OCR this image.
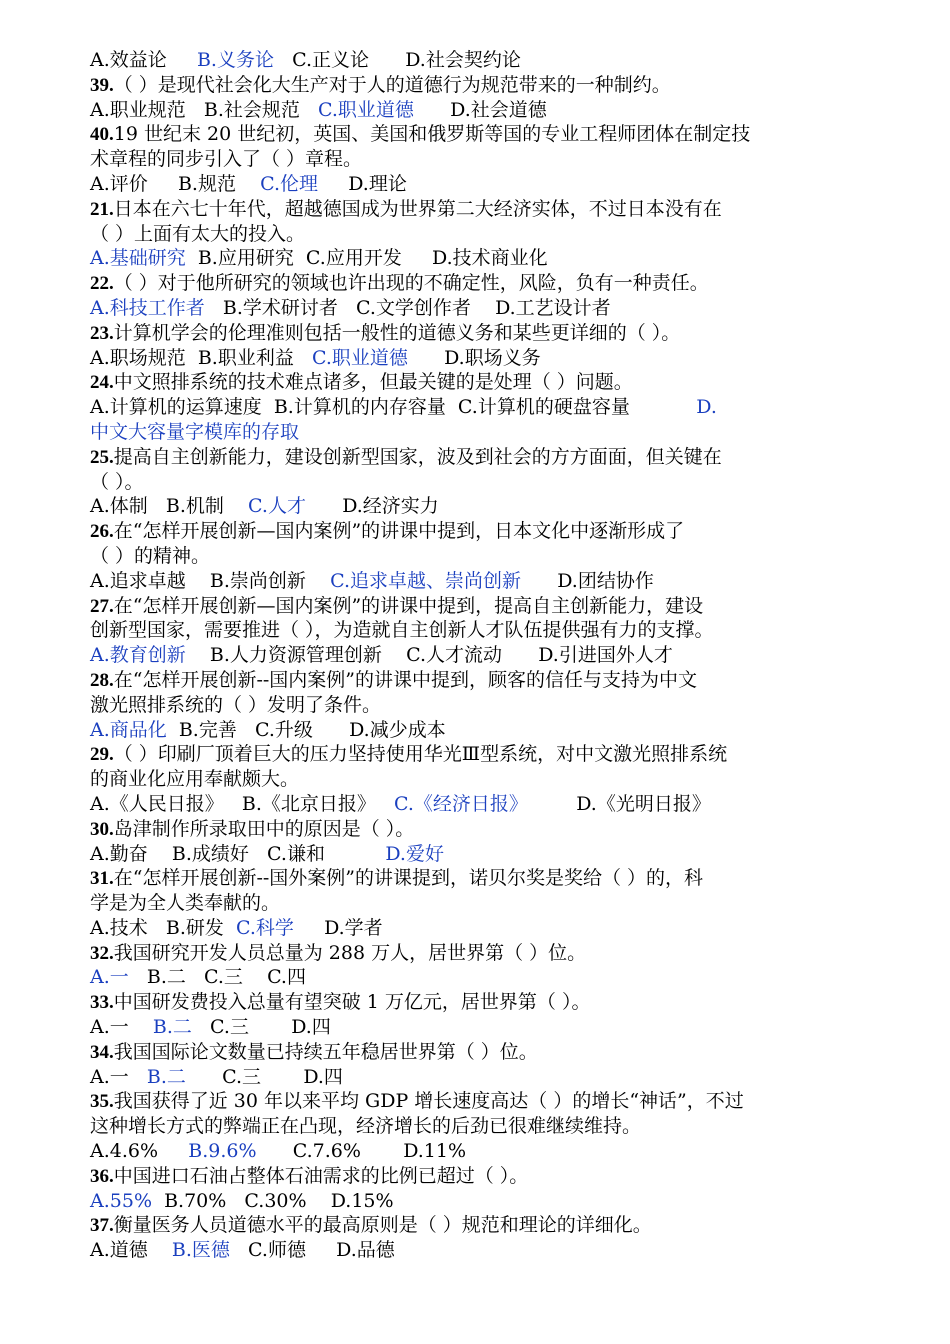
A.效益论     B.义务论   C.正义论      D.社会契约论
39.（ ）是现代社会化大生产对于人的道德行为规范带来的一种制约。
A.职业规范   B.社会规范   C.职业道德      D.社会道德
40.19 世纪末 20 世纪初，英国、美国和俄罗斯等国的专业工程师团体在制定技
术章程的同步引入了（ ）章程。
A.评价     B.规范    C.伦理     D.理论
21.日本在六七十年代，超越德国成为世界第二大经济实体，不过日本没有在
（ ）上面有太大的投入。
A.基础研究  B.应用研究  C.应用开发     D.技术商业化
22.（ ）对于他所研究的领域也许出现的不确定性，风险，负有一种责任。
A.科技工作者   B.学术研讨者   C.文学创作者    D.工艺设计者
23.计算机学会的伦理准则包括一般性的道德义务和某些更详细的（ ）。
A.职场规范  B.职业利益   C.职业道德      D.职场义务
24.中文照排系统的技术难点诸多，但最关键的是处理（ ）问题。
A.计算机的运算速度  B.计算机的内存容量  C.计算机的硬盘容量           D.
中文大容量字模库的存取
25.提高自主创新能力，建设创新型国家，波及到社会的方方面面，但关键在
（ ）。
A.体制   B.机制    C.人才      D.经济实力
26.在“怎样开展创新—国内案例”的讲课中提到，日本文化中逐渐形成了
（ ）的精神。
A.追求卓越    B.崇尚创新    C.追求卓越、崇尚创新      D.团结协作
27.在“怎样开展创新—国内案例”的讲课中提到，提高自主创新能力，建设
创新型国家，需要推进（ ），为造就自主创新人才队伍提供强有力的支撑。
A.教育创新    B.人力资源管理创新    C.人才流动      D.引进国外人才
28.在“怎样开展创新--国内案例”的讲课中提到，顾客的信任与支持为中文
激光照排系统的（ ）发明了条件。
A.商品化  B.完善   C.升级      D.减少成本
29.（ ）印刷厂顶着巨大的压力坚持使用华光Ⅲ型系统，对中文激光照排系统
的商业化应用奉献颇大。
A.《人民日报》   B.《北京日报》   C.《经济日报》        D.《光明日报》
30.岛津制作所录取田中的原因是（ ）。
A.勤奋    B.成绩好   C.谦和          D.爱好
31.在“怎样开展创新--国外案例”的讲课提到，诺贝尔奖是奖给（ ）的，科
学是为全人类奉献的。
A.技术   B.研发  C.科学     D.学者
32.我国研究开发人员总量为 288 万人，居世界第（ ）位。
A.一   B.二   C.三    C.四
33.中国研发费投入总量有望突破 1 万亿元，居世界第（ ）。
A.一    B.二   C.三       D.四
34.我国国际论文数量已持续五年稳居世界第（ ）位。
A.一   B.二      C.三       D.四
35.我国获得了近 30 年以来平均 GDP 增长速度高达（ ）的增长“神话”，不过
这种增长方式的弊端正在凸现，经济增长的后劲已很难继续维持。
A.4.6%     B.9.6%      C.7.6%       D.11%
36.中国进口石油占整体石油需求的比例已超过（ ）。
A.55%  B.70%   C.30%    D.15%
37.衡量医务人员道德水平的最高原则是（ ）规范和理论的详细化。
A.道德    B.医德   C.师德     D.品德
